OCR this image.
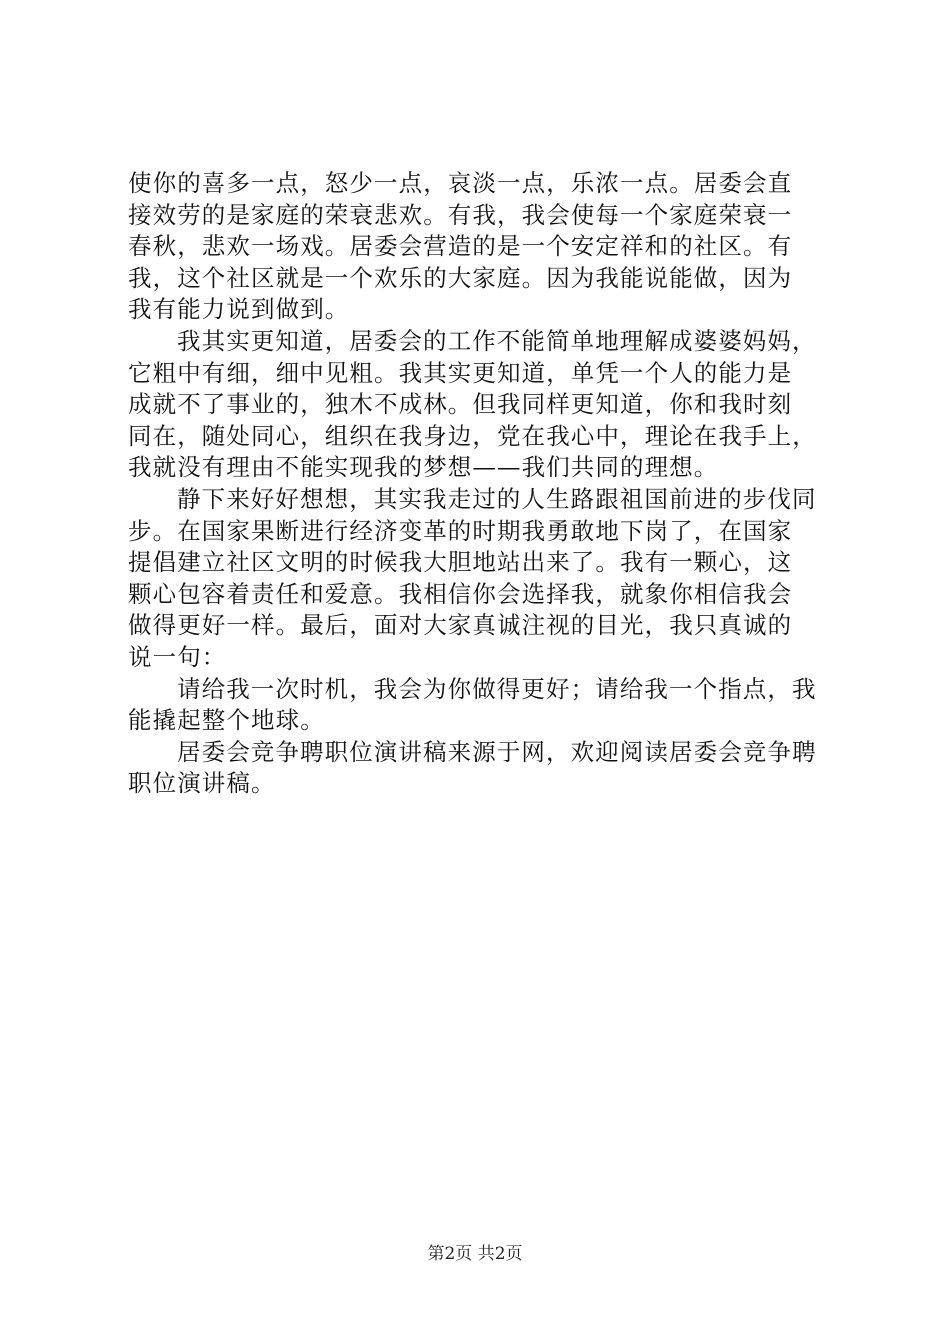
使你的喜多一点，怒少一点，哀淡一点，乐浓一点。居委会直
接效劳的是家庭的荣衰悲欢。有我，我会使每一个家庭荣衰一
春秋，悲欢一场戏。居委会营造的是一个安定祥和的社区。有
我，这个社区就是一个欢乐的大家庭。因为我能说能做，因为
我有能力说到做到。
我其实更知道，居委会的工作不能简单地理解成婆婆妈妈，
它粗中有细，细中见粗。我其实更知道，单凭一个人的能力是
成就不了事业的，独木不成林。但我同样更知道，你和我时刻
同在，随处同心，组织在我身边，党在我心中，理论在我手上，
我就没有理由不能实现我的梦想——我们共同的理想。
静下来好好想想，其实我走过的人生路跟祖国前进的步伐同
步。在国家果断进行经济变革的时期我勇敢地下岗了，在国家
提倡建立社区文明的时候我大胆地站出来了。我有一颗心，这
颗心包容着责任和爱意。我相信你会选择我，就象你相信我会
做得更好一样。最后，面对大家真诚注视的目光，我只真诚的
说一句：
请给我一次时机，我会为你做得更好；请给我一个指点，我
能撬起整个地球。
居委会竞争聘职位演讲稿来源于网，欢迎阅读居委会竞争聘
职位演讲稿。
第2页 共2页
